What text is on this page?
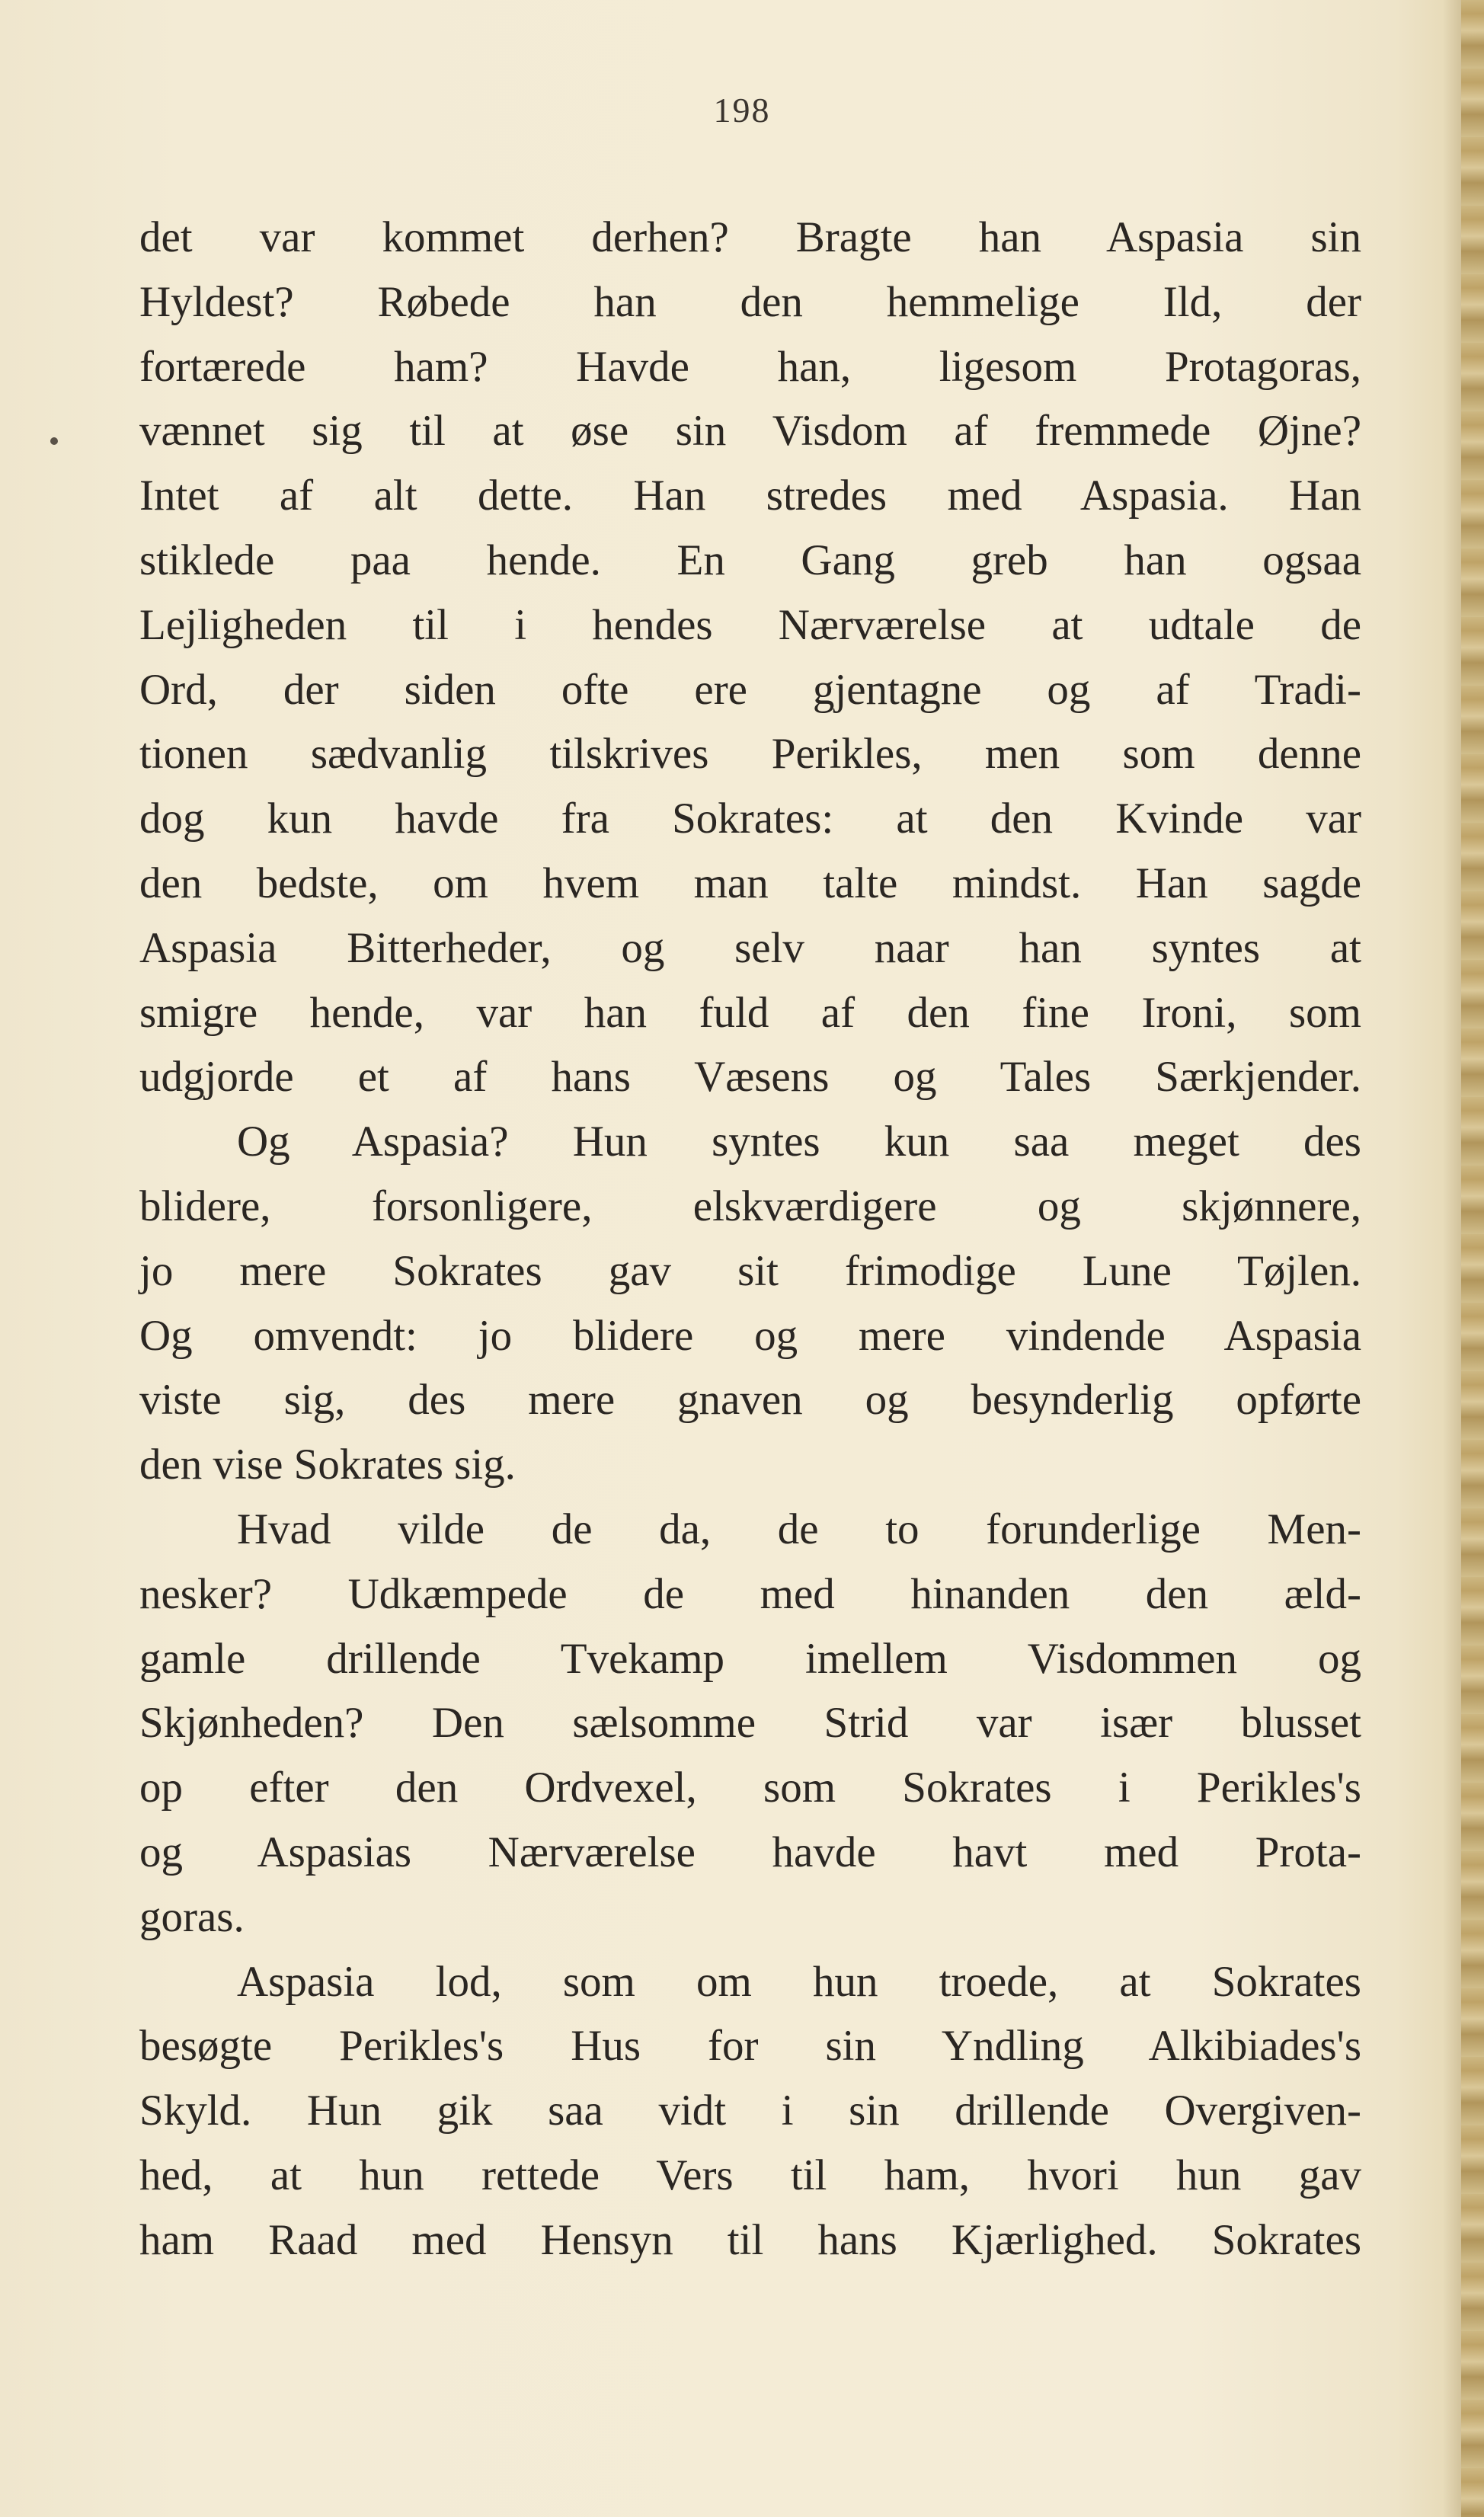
198
det var kommet derhen? Bragte han Aspasia sin
Hyldest? Røbede han den hemmelige Ild, der
fortærede ham? Havde han, ligesom Protagoras,
vænnet sig til at øse sin Visdom af fremmede Øjne?
Intet af alt dette. Han stredes med Aspasia. Han
stiklede paa hende. En Gang greb han ogsaa
Lejligheden til i hendes Nærværelse at udtale de
Ord, der siden ofte ere gjentagne og af Tradi-
tionen sædvanlig tilskrives Perikles, men som denne
dog kun havde fra Sokrates: at den Kvinde var
den bedste, om hvem man talte mindst. Han sagde
Aspasia Bitterheder, og selv naar han syntes at
smigre hende, var han fuld af den fine Ironi, som
udgjorde et af hans Væsens og Tales Særkjender.
Og Aspasia? Hun syntes kun saa meget des
blidere, forsonligere, elskværdigere og skjønnere,
jo mere Sokrates gav sit frimodige Lune Tøjlen.
Og omvendt: jo blidere og mere vindende Aspasia
viste sig, des mere gnaven og besynderlig opførte
den vise Sokrates sig.
Hvad vilde de da, de to forunderlige Men-
nesker? Udkæmpede de med hinanden den æld-
gamle drillende Tvekamp imellem Visdommen og
Skjønheden? Den sælsomme Strid var især blusset
op efter den Ordvexel, som Sokrates i Perikles's
og Aspasias Nærværelse havde havt med Prota-
goras.
Aspasia lod, som om hun troede, at Sokrates
besøgte Perikles's Hus for sin Yndling Alkibiades's
Skyld. Hun gik saa vidt i sin drillende Overgiven-
hed, at hun rettede Vers til ham, hvori hun gav
ham Raad med Hensyn til hans Kjærlighed. Sokrates
